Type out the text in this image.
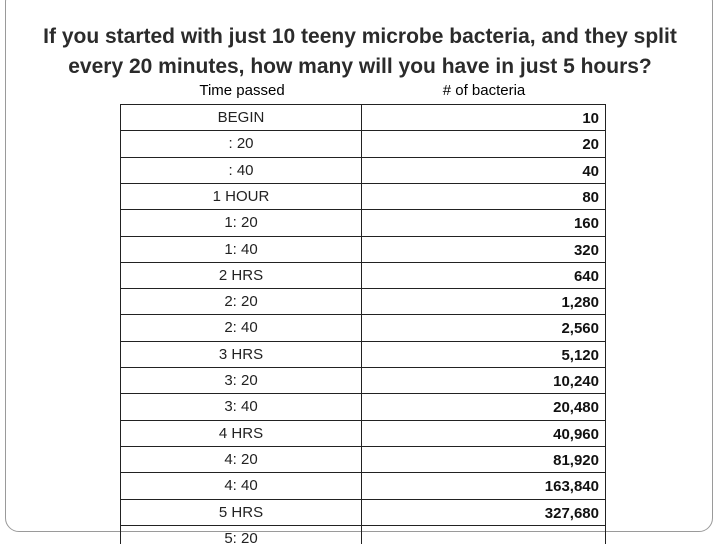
If you started with just 10 teeny microbe bacteria, and they split
every 20 minutes, how many will you have in just 5 hours?
Time passed	# of bacteria
BEGIN	10
: 20	20
: 40	40
1 HOUR	80
1: 20	160
1: 40	320
2 HRS	640
2: 20	1,280
2: 40	2,560
3 HRS	5,120
3: 20	10,240
3: 40	20,480
4 HRS	40,960
4: 20	81,920
4: 40	163,840
5 HRS	327,680
5: 20
